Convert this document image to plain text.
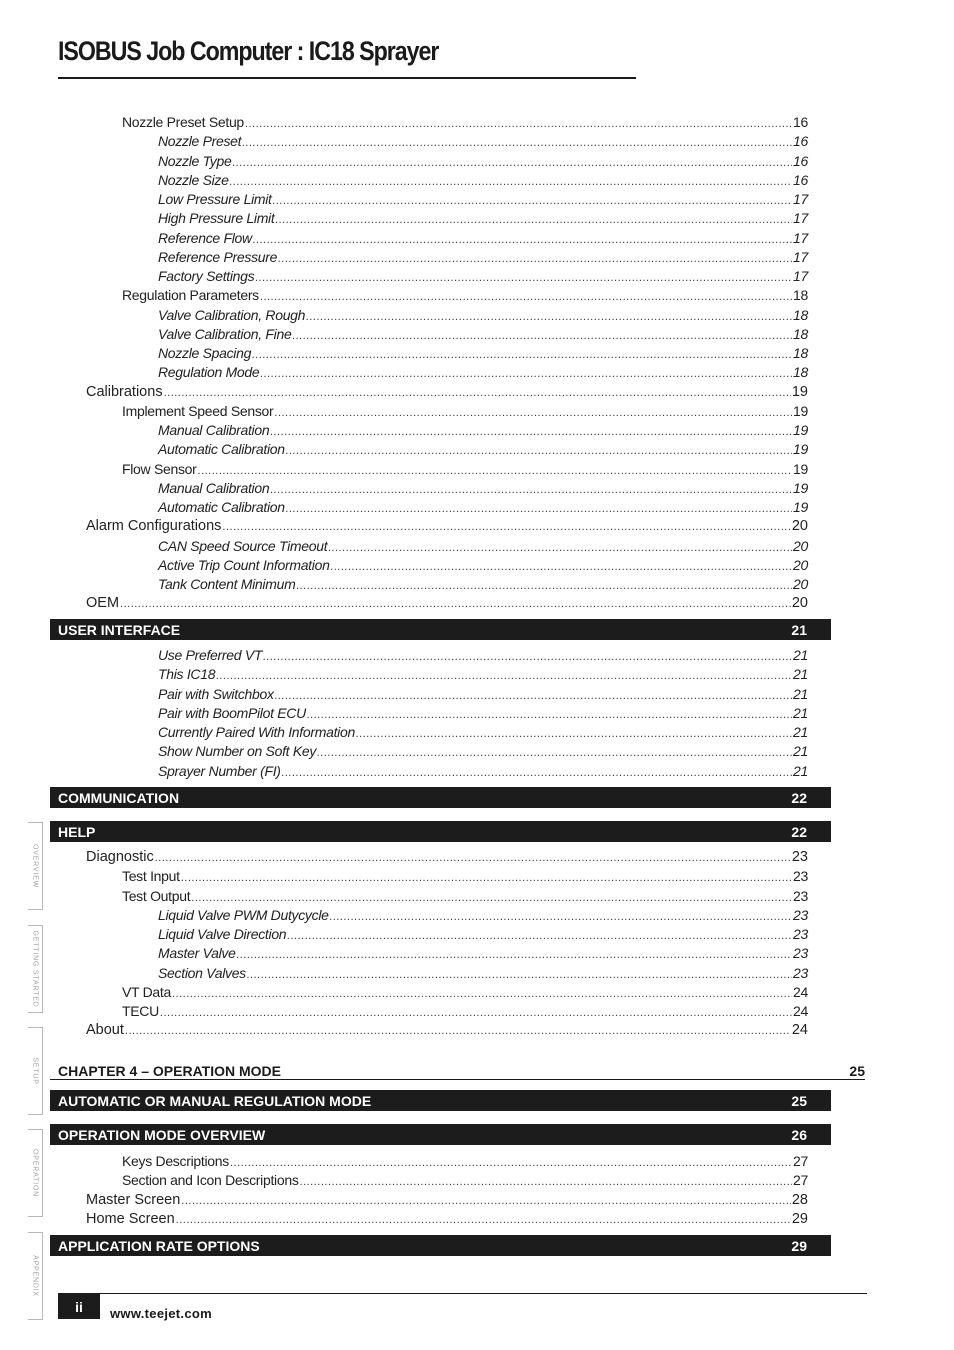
ISOBUS Job Computer : IC18 Sprayer
Nozzle Preset Setup .....	16
Nozzle Preset .....	16
Nozzle Type .....	16
Nozzle Size .....	16
Low Pressure Limit .....	17
High Pressure Limit .....	17
Reference Flow .....	17
Reference Pressure .....	17
Factory Settings .....	17
Regulation Parameters .....	18
Valve Calibration, Rough .....	18
Valve Calibration, Fine .....	18
Nozzle Spacing .....	18
Regulation Mode .....	18
Calibrations .....	19
Implement Speed Sensor .....	19
Manual Calibration .....	19
Automatic Calibration .....	19
Flow Sensor .....	19
Manual Calibration .....	19
Automatic Calibration .....	19
Alarm Configurations .....	20
CAN Speed Source Timeout .....	20
Active Trip Count Information .....	20
Tank Content Minimum .....	20
OEM .....	20
Use Preferred VT .....	21
This IC18 .....	21
Pair with Switchbox .....	21
Pair with BoomPilot ECU .....	21
Currently Paired With Information .....	21
Show Number on Soft Key .....	21
Sprayer Number (FI) .....	21
Diagnostic .....	23
Test Input .....	23
Test Output .....	23
Liquid Valve PWM Dutycycle .....	23
Liquid Valve Direction .....	23
Master Valve .....	23
Section Valves .....	23
VT Data .....	24
TECU .....	24
About .....	24
Keys Descriptions .....	27
Section and Icon Descriptions .....	27
Master Screen .....	28
Home Screen .....	29
USER INTERFACE	21
COMMUNICATION	22
HELP	22
AUTOMATIC OR MANUAL REGULATION MODE	25
OPERATION MODE OVERVIEW	26
APPLICATION RATE OPTIONS	29
CHAPTER 4 – OPERATION MODE	25
OVERVIEW
GETTING STARTED
SETUP
OPERATION
APPENDIX
ii	www.teejet.com
